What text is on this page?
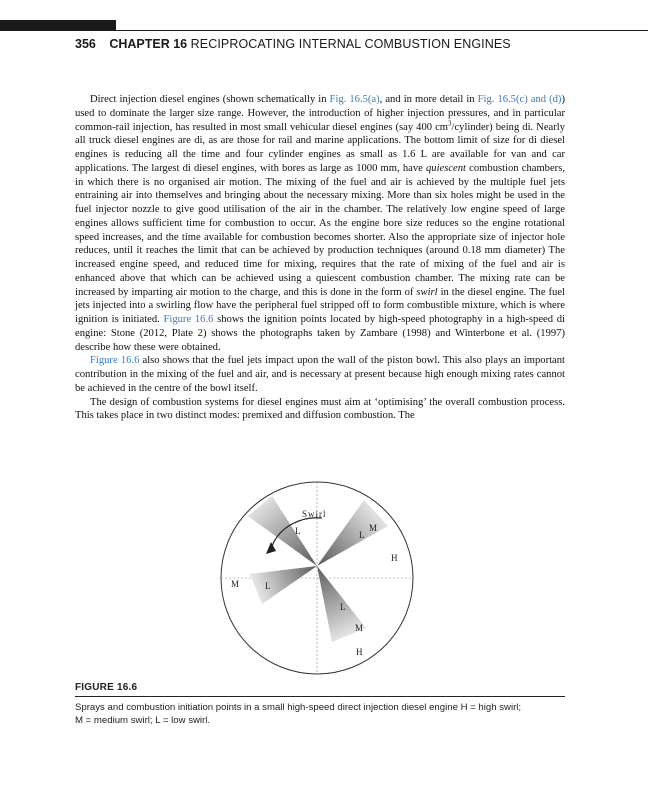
356 CHAPTER 16 RECIPROCATING INTERNAL COMBUSTION ENGINES

Direct injection diesel engines (shown schematically in Fig. 16.5(a), and in more detail in Fig. 16.5(c) and (d)) used to dominate the larger size range. However, the introduction of higher injection pressures, and in particular common-rail injection, has resulted in most small vehicular diesel engines (say 400 $cm^3/cylinder$) being di. Nearly all truck diesel engines are di, as are those for rail and marine applications. The bottom limit of size for di diesel engines is reducing all the time and four cylinder engines as small as 1.6 L are available for van and car applications. The largest di diesel engines, with bores as large as 1000 mm, have quiescent combustion chambers, in which there is no organised air motion. The mixing of the fuel and air is achieved by the multiple fuel jets entraining air into themselves and bringing about the necessary mixing. More than six holes might be used in the fuel injector nozzle to give good utilisation of the air in the chamber. The relatively low engine speed of large engines allows sufficient time for combustion to occur. As the engine bore size reduces so the engine rotational speed increases, and the time available for combustion becomes shorter. Also the appropriate size of injector hole reduces, until it reaches the limit that can be achieved by production techniques (around 0.18 mm diameter) The increased engine speed, and reduced time for mixing, requires that the rate of mixing of the fuel and air is enhanced above that which can be achieved using a quiescent combustion chamber. The mixing rate can be increased by imparting air motion to the charge, and this is done in the form of swirl in the diesel engine. The fuel jets injected into a swirling flow have the peripheral fuel stripped off to form combustible mixture, which is where ignition is initiated. Figure 16.6 shows the ignition points located by high-speed photography in a high-speed di engine: Stone (2012, Plate 2) shows the photographs taken by Zambare (1998) and Winterbone et al. (1997) describe how these were obtained.

Figure 16.6 also shows that the fuel jets impact upon the wall of the piston bowl. This also plays an important contribution in the mixing of the fuel and air, and is necessary at present because high enough mixing rates cannot be achieved in the centre of the bowl itself.

The design of combustion systems for diesel engines must aim at ‘optimising’ the overall combustion process. This takes place in two distinct modes: premixed and diffusion combustion. The

Swirl
L	L
M
H
M	L
L
M
H
FIGURE 16.6
Sprays and combustion initiation points in a small high-speed direct injection diesel engine H = high swirl;
M = medium swirl; L = low swirl.
